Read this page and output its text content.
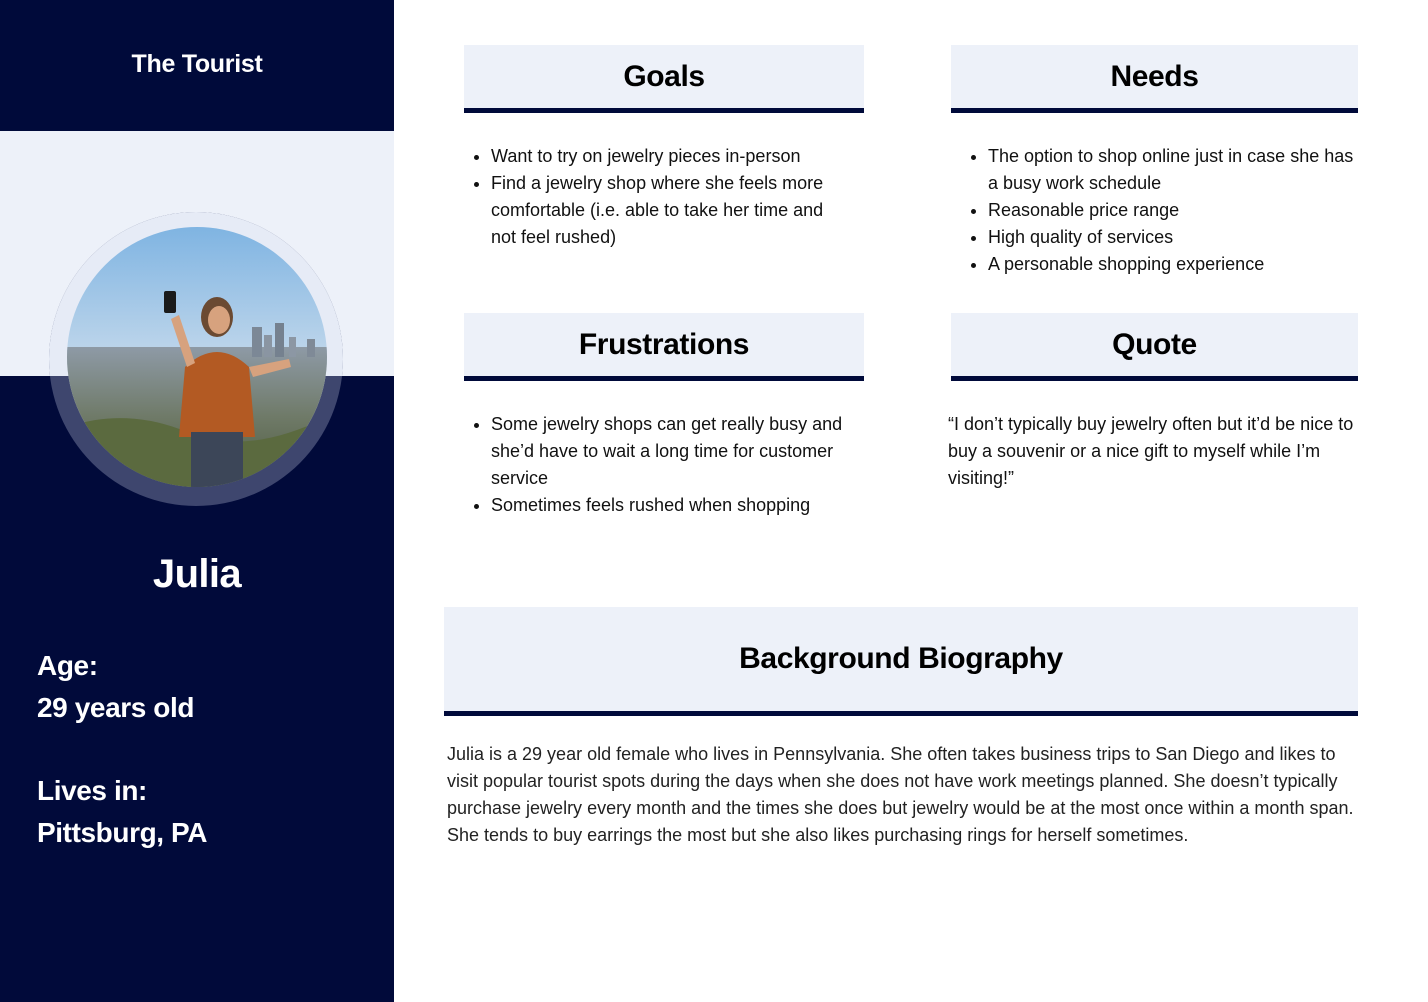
The Tourist
Julia
Age:
29 years old
Lives in:
Pittsburg, PA
Goals
• Want to try on jewelry pieces in-person
• Find a jewelry shop where she feels more comfortable (i.e. able to take her time and not feel rushed)
Needs
• The option to shop online just in case she has a busy work schedule
• Reasonable price range
• High quality of services
• A personable shopping experience
Frustrations
• Some jewelry shops can get really busy and she’d have to wait a long time for customer service
• Sometimes feels rushed when shopping
Quote
“I don’t typically buy jewelry often but it’d be nice to buy a souvenir or a nice gift to myself while I’m visiting!”
Background Biography
Julia is a 29 year old female who lives in Pennsylvania. She often takes business trips to San Diego and likes to visit popular tourist spots during the days when she does not have work meetings planned. She doesn’t typically purchase jewelry every month and the times she does but jewelry would be at the most once within a month span. She tends to buy earrings the most but she also likes purchasing rings for herself sometimes.
